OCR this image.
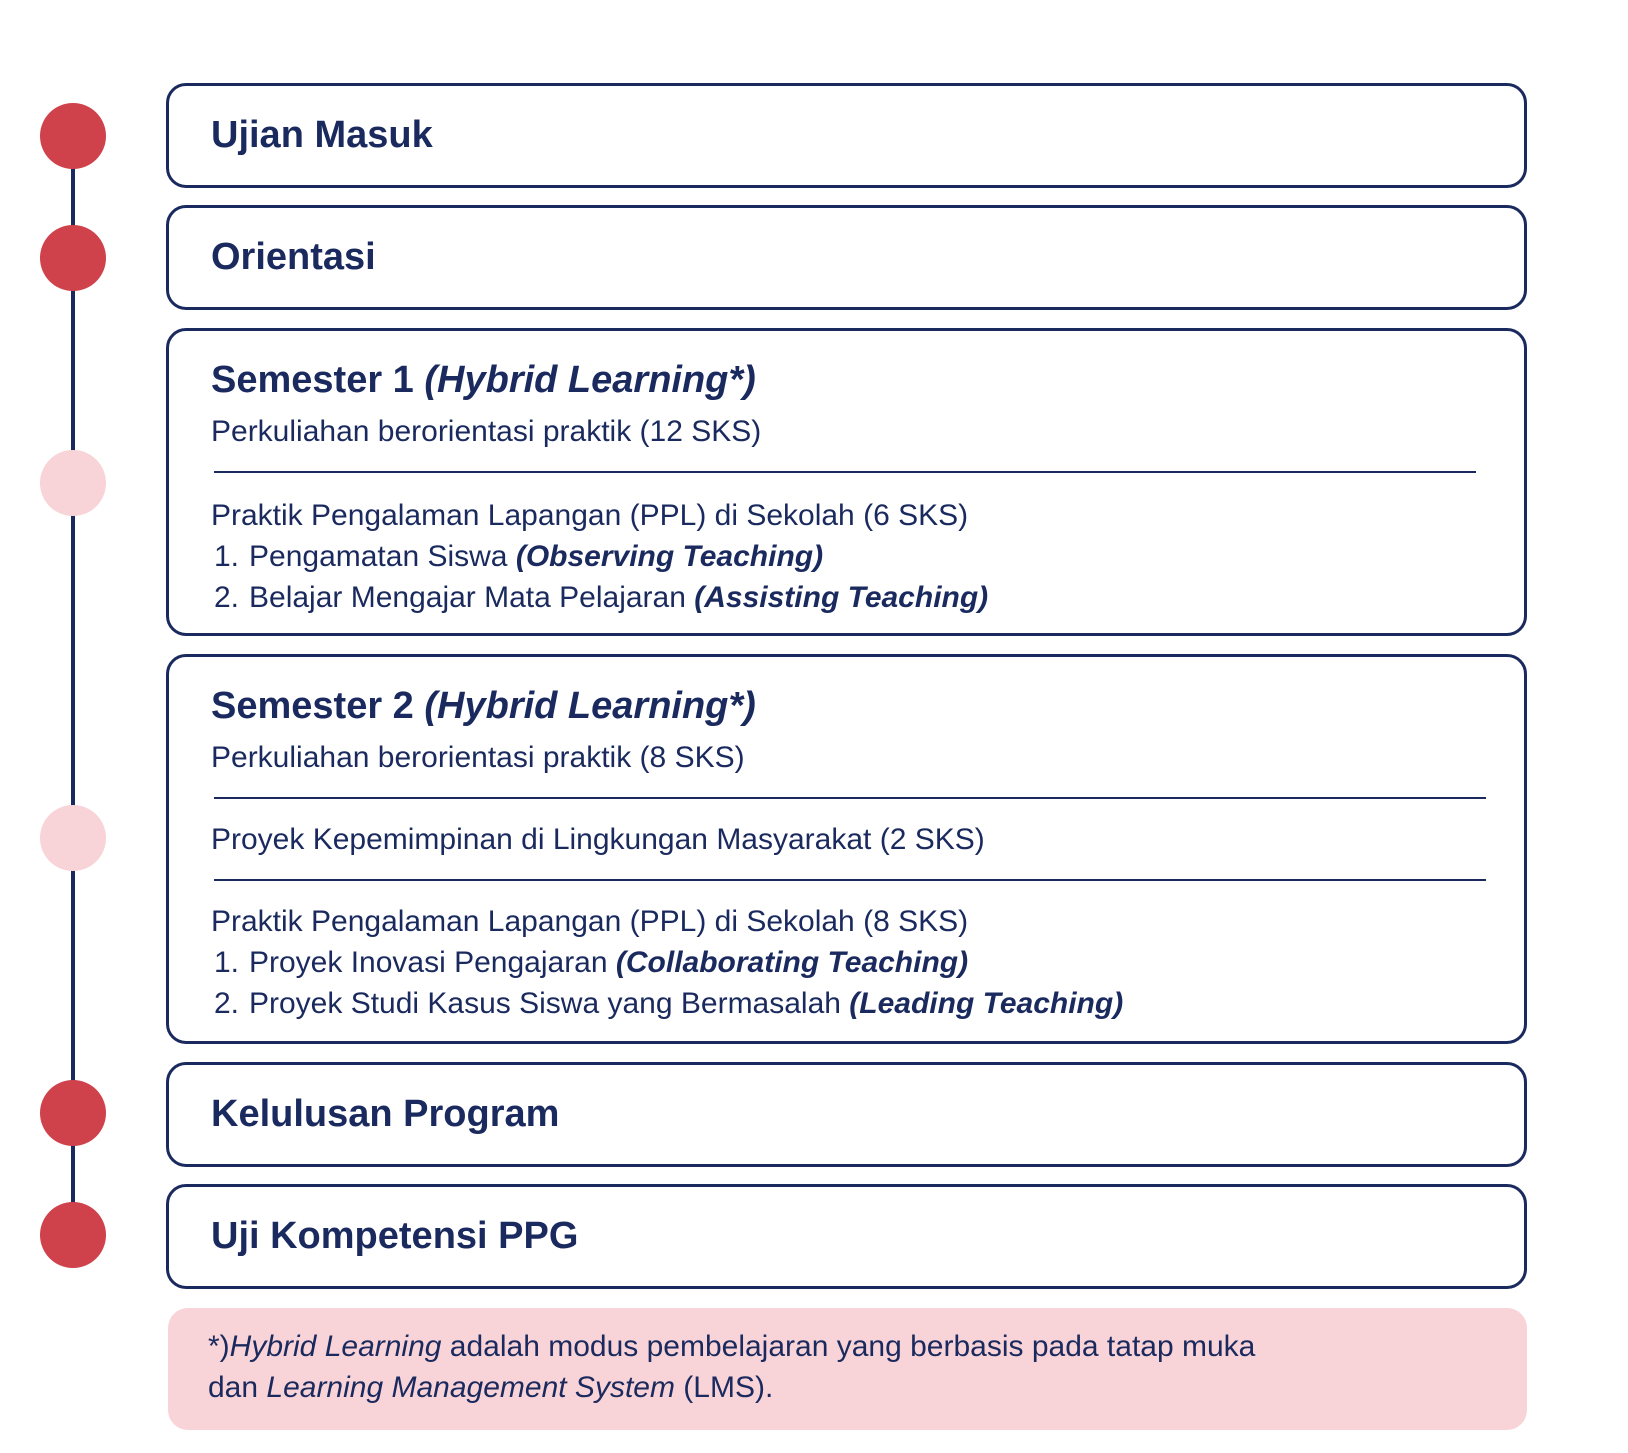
Ujian Masuk
Orientasi
Semester 1 (Hybrid Learning*)
Perkuliahan berorientasi praktik (12 SKS)
Praktik Pengalaman Lapangan (PPL) di Sekolah (6 SKS)
1. Pengamatan Siswa (Observing Teaching)
2. Belajar Mengajar Mata Pelajaran (Assisting Teaching)
Semester 2 (Hybrid Learning*)
Perkuliahan berorientasi praktik (8 SKS)
Proyek Kepemimpinan di Lingkungan Masyarakat (2 SKS)
Praktik Pengalaman Lapangan (PPL) di Sekolah (8 SKS)
1. Proyek Inovasi Pengajaran (Collaborating Teaching)
2. Proyek Studi Kasus Siswa yang Bermasalah (Leading Teaching)
Kelulusan Program
Uji Kompetensi PPG
*)Hybrid Learning adalah modus pembelajaran yang berbasis pada tatap muka
dan Learning Management System (LMS).
